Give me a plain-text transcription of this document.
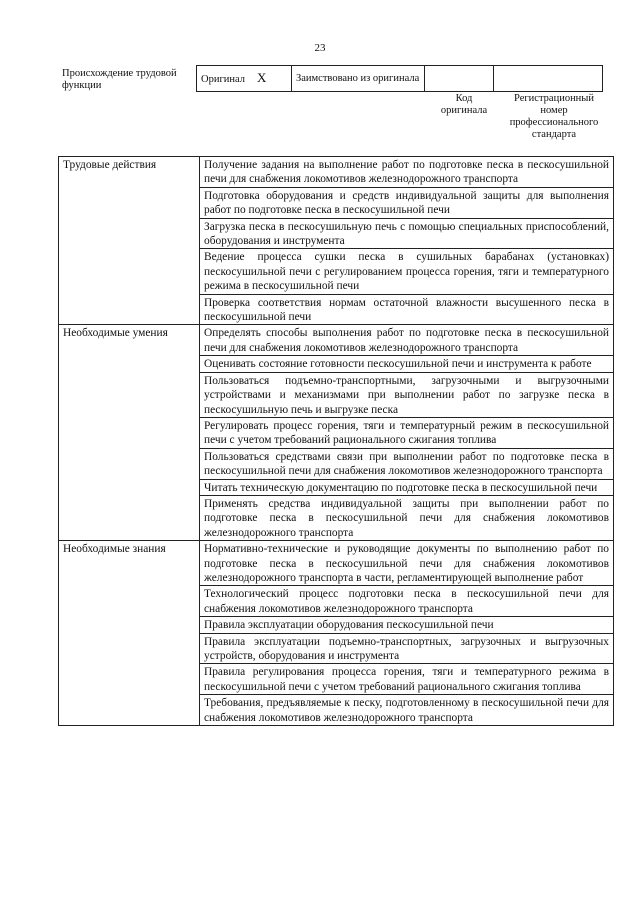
23
Происхождение трудовой функции
Оригинал X	Заимствовано из оригинала		
Код оригинала
Регистрационный номер профессионального стандарта
Трудовые действия	Получение задания на выполнение работ по подготовке песка в пескосушильной печи для снабжения локомотивов железнодорожного транспорта
	Подготовка оборудования и средств индивидуальной защиты для выполнения работ по подготовке песка в пескосушильной печи
	Загрузка песка в пескосушильную печь с помощью специальных приспособлений, оборудования и инструмента
	Ведение процесса сушки песка в сушильных барабанах (установках) пескосушильной печи с регулированием процесса горения, тяги и температурного режима в пескосушильной печи
	Проверка соответствия нормам остаточной влажности высушенного песка в пескосушильной печи
Необходимые умения	Определять способы выполнения работ по подготовке песка в пескосушильной печи для снабжения локомотивов железнодорожного транспорта
	Оценивать состояние готовности пескосушильной печи и инструмента к работе
	Пользоваться подъемно-транспортными, загрузочными и выгрузочными устройствами и механизмами при выполнении работ по загрузке песка в пескосушильную печь и выгрузке песка
	Регулировать процесс горения, тяги и температурный режим в пескосушильной печи с учетом требований рационального сжигания топлива
	Пользоваться средствами связи при выполнении работ по подготовке песка в пескосушильной печи для снабжения локомотивов железнодорожного транспорта
	Читать техническую документацию по подготовке песка в пескосушильной печи
	Применять средства индивидуальной защиты при выполнении работ по подготовке песка в пескосушильной печи для снабжения локомотивов железнодорожного транспорта
Необходимые знания	Нормативно-технические и руководящие документы по выполнению работ по подготовке песка в пескосушильной печи для снабжения локомотивов железнодорожного транспорта в части, регламентирующей выполнение работ
	Технологический процесс подготовки песка в пескосушильной печи для снабжения локомотивов железнодорожного транспорта
	Правила эксплуатации оборудования пескосушильной печи
	Правила эксплуатации подъемно-транспортных, загрузочных и выгрузочных устройств, оборудования и инструмента
	Правила регулирования процесса горения, тяги и температурного режима в пескосушильной печи с учетом требований рационального сжигания топлива
	Требования, предъявляемые к песку, подготовленному в пескосушильной печи для снабжения локомотивов железнодорожного транспорта
